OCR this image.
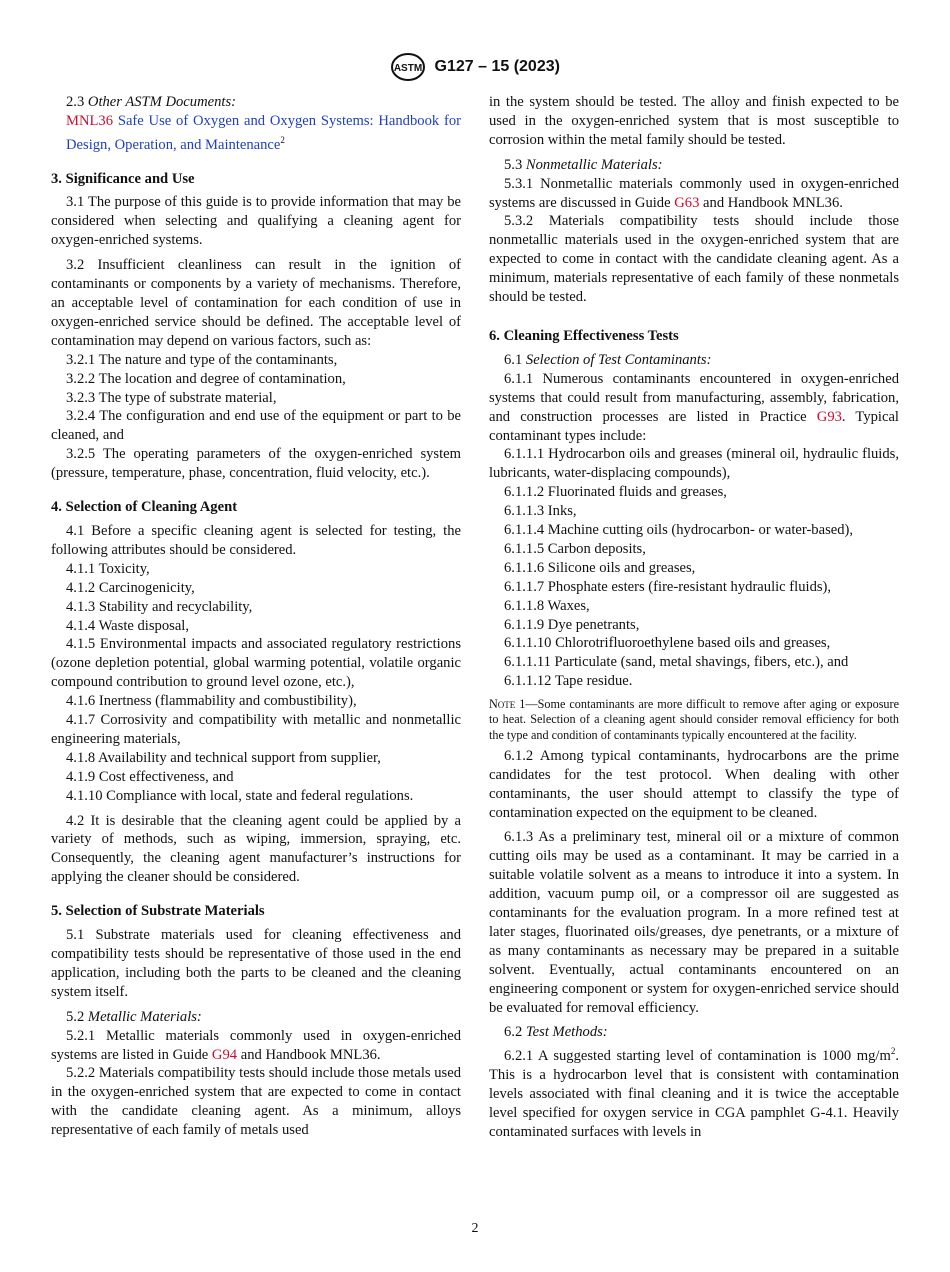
ASTM G127 – 15 (2023)

2.3 Other ASTM Documents:

MNL36 Safe Use of Oxygen and Oxygen Systems: Handbook for Design, Operation, and Maintenance$^2$

3. Significance and Use

3.1 The purpose of this guide is to provide information that may be considered when selecting and qualifying a cleaning agent for oxygen-enriched systems.

3.2 Insufficient cleanliness can result in the ignition of contaminants or components by a variety of mechanisms. Therefore, an acceptable level of contamination for each condition of use in oxygen-enriched service should be defined. The acceptable level of contamination may depend on various factors, such as:

3.2.1 The nature and type of the contaminants,

3.2.2 The location and degree of contamination,

3.2.3 The type of substrate material,

3.2.4 The configuration and end use of the equipment or part to be cleaned, and

3.2.5 The operating parameters of the oxygen-enriched system (pressure, temperature, phase, concentration, fluid velocity, etc.).

4. Selection of Cleaning Agent

4.1 Before a specific cleaning agent is selected for testing, the following attributes should be considered.

4.1.1 Toxicity,

4.1.2 Carcinogenicity,

4.1.3 Stability and recyclability,

4.1.4 Waste disposal,

4.1.5 Environmental impacts and associated regulatory restrictions (ozone depletion potential, global warming potential, volatile organic compound contribution to ground level ozone, etc.),

4.1.6 Inertness (flammability and combustibility),

4.1.7 Corrosivity and compatibility with metallic and nonmetallic engineering materials,

4.1.8 Availability and technical support from supplier,

4.1.9 Cost effectiveness, and

4.1.10 Compliance with local, state and federal regulations.

4.2 It is desirable that the cleaning agent could be applied by a variety of methods, such as wiping, immersion, spraying, etc. Consequently, the cleaning agent manufacturer’s instructions for applying the cleaner should be considered.

5. Selection of Substrate Materials

5.1 Substrate materials used for cleaning effectiveness and compatibility tests should be representative of those used in the end application, including both the parts to be cleaned and the cleaning system itself.

5.2 Metallic Materials:

5.2.1 Metallic materials commonly used in oxygen-enriched systems are listed in Guide G94 and Handbook MNL36.

5.2.2 Materials compatibility tests should include those metals used in the oxygen-enriched system that are expected to come in contact with the candidate cleaning agent. As a minimum, alloys representative of each family of metals used

in the system should be tested. The alloy and finish expected to be used in the oxygen-enriched system that is most susceptible to corrosion within the metal family should be tested.

5.3 Nonmetallic Materials:

5.3.1 Nonmetallic materials commonly used in oxygen-enriched systems are discussed in Guide G63 and Handbook MNL36.

5.3.2 Materials compatibility tests should include those nonmetallic materials used in the oxygen-enriched system that are expected to come in contact with the candidate cleaning agent. As a minimum, materials representative of each family of these nonmetals should be tested.

6. Cleaning Effectiveness Tests

6.1 Selection of Test Contaminants:

6.1.1 Numerous contaminants encountered in oxygen-enriched systems that could result from manufacturing, assembly, fabrication, and construction processes are listed in Practice G93. Typical contaminant types include:

6.1.1.1 Hydrocarbon oils and greases (mineral oil, hydraulic fluids, lubricants, water-displacing compounds),

6.1.1.2 Fluorinated fluids and greases,

6.1.1.3 Inks,

6.1.1.4 Machine cutting oils (hydrocarbon- or water-based),

6.1.1.5 Carbon deposits,

6.1.1.6 Silicone oils and greases,

6.1.1.7 Phosphate esters (fire-resistant hydraulic fluids),

6.1.1.8 Waxes,

6.1.1.9 Dye penetrants,

6.1.1.10 Chlorotrifluoroethylene based oils and greases,

6.1.1.11 Particulate (sand, metal shavings, fibers, etc.), and

6.1.1.12 Tape residue.

Note 1—Some contaminants are more difficult to remove after aging or exposure to heat. Selection of a cleaning agent should consider removal efficiency for both the type and condition of contaminants typically encountered at the facility.

6.1.2 Among typical contaminants, hydrocarbons are the prime candidates for the test protocol. When dealing with other contaminants, the user should attempt to classify the type of contamination expected on the equipment to be cleaned.

6.1.3 As a preliminary test, mineral oil or a mixture of common cutting oils may be used as a contaminant. It may be carried in a suitable volatile solvent as a means to introduce it into a system. In addition, vacuum pump oil, or a compressor oil are suggested as contaminants for the evaluation program. In a more refined test at later stages, fluorinated oils/greases, dye penetrants, or a mixture of as many contaminants as necessary may be prepared in a suitable solvent. Eventually, actual contaminants encountered on an engineering component or system for oxygen-enriched service should be evaluated for removal efficiency.

6.2 Test Methods:

6.2.1 A suggested starting level of contamination is 1000 $mg/m^2$. This is a hydrocarbon level that is consistent with contamination levels associated with final cleaning and it is twice the acceptable level specified for oxygen service in CGA pamphlet G-4.1. Heavily contaminated surfaces with levels in

2
